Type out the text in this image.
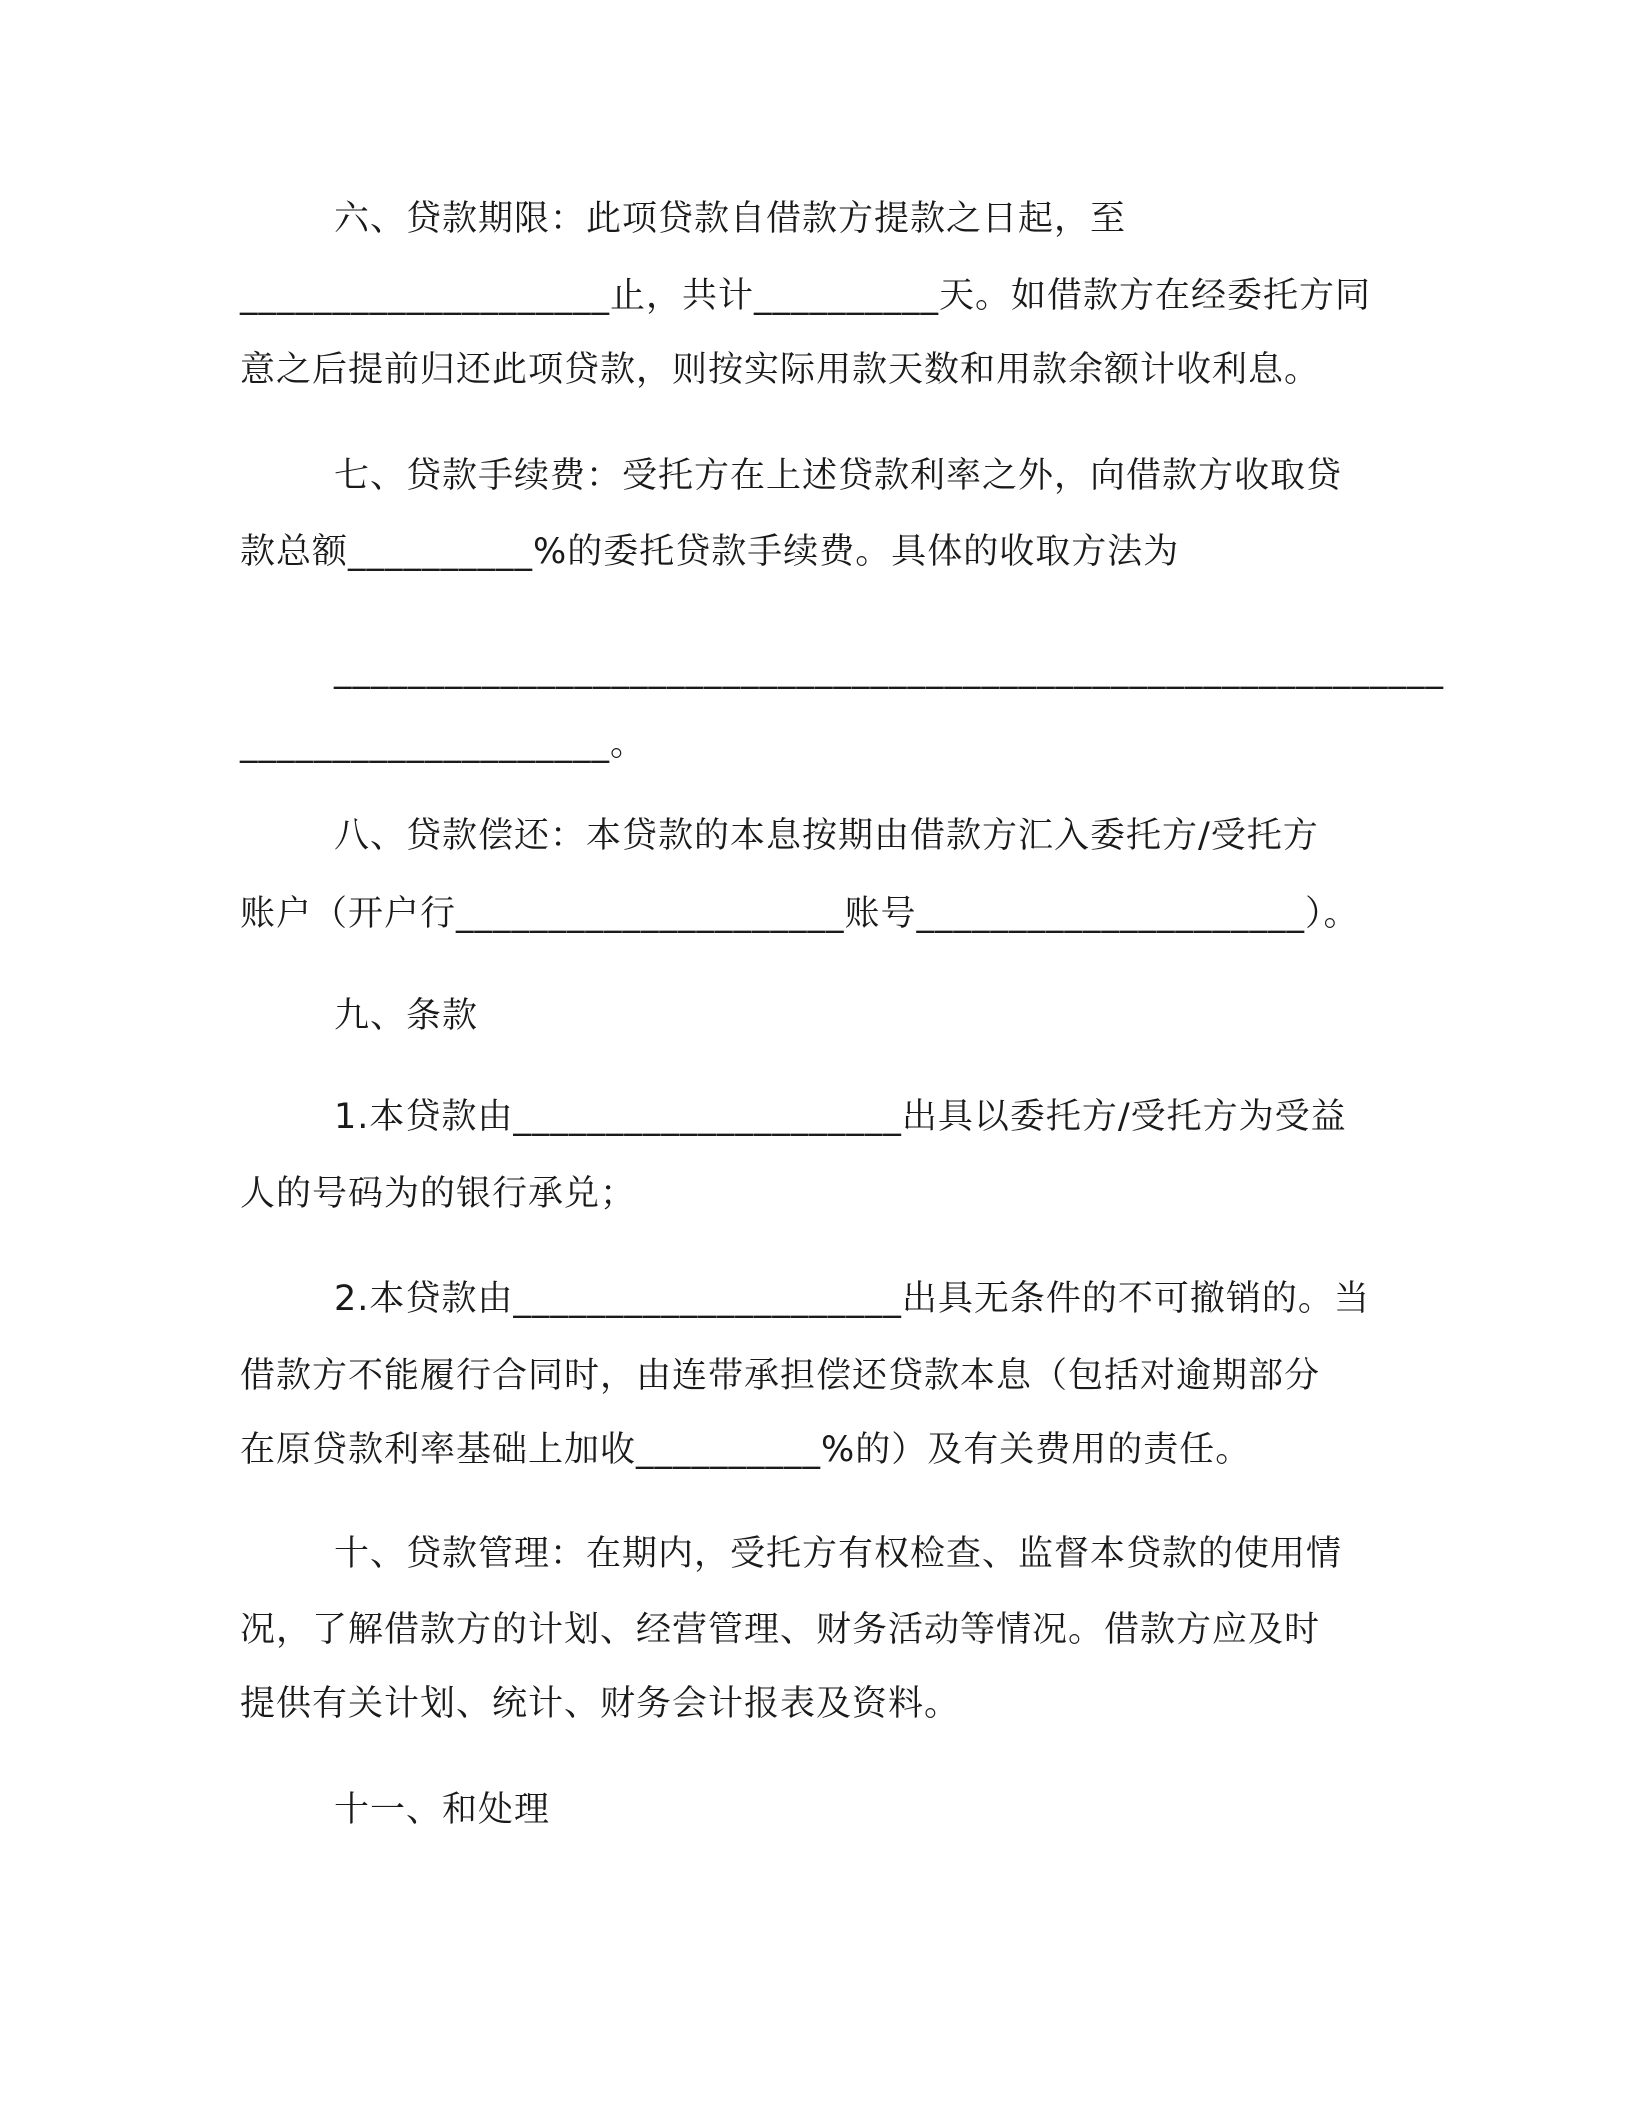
六、贷款期限：此项贷款自借款方提款之日起，至
____________________止，共计__________天。如借款方在经委托方同
意之后提前归还此项贷款，则按实际用款天数和用款余额计收利息。
七、贷款手续费：受托方在上述贷款利率之外，向借款方收取贷
款总额__________%的委托贷款手续费。具体的收取方法为
____________________________________________________________
____________________。
八、贷款偿还：本贷款的本息按期由借款方汇入委托方/受托方
账户（开户行_____________________账号_____________________）。
九、条款
1.本贷款由_____________________出具以委托方/受托方为受益
人的号码为的银行承兑；
2.本贷款由_____________________出具无条件的不可撤销的。当
借款方不能履行合同时，由连带承担偿还贷款本息（包括对逾期部分
在原贷款利率基础上加收__________%的）及有关费用的责任。
十、贷款管理：在期内，受托方有权检查、监督本贷款的使用情
况，了解借款方的计划、经营管理、财务活动等情况。借款方应及时
提供有关计划、统计、财务会计报表及资料。
十一、和处理
